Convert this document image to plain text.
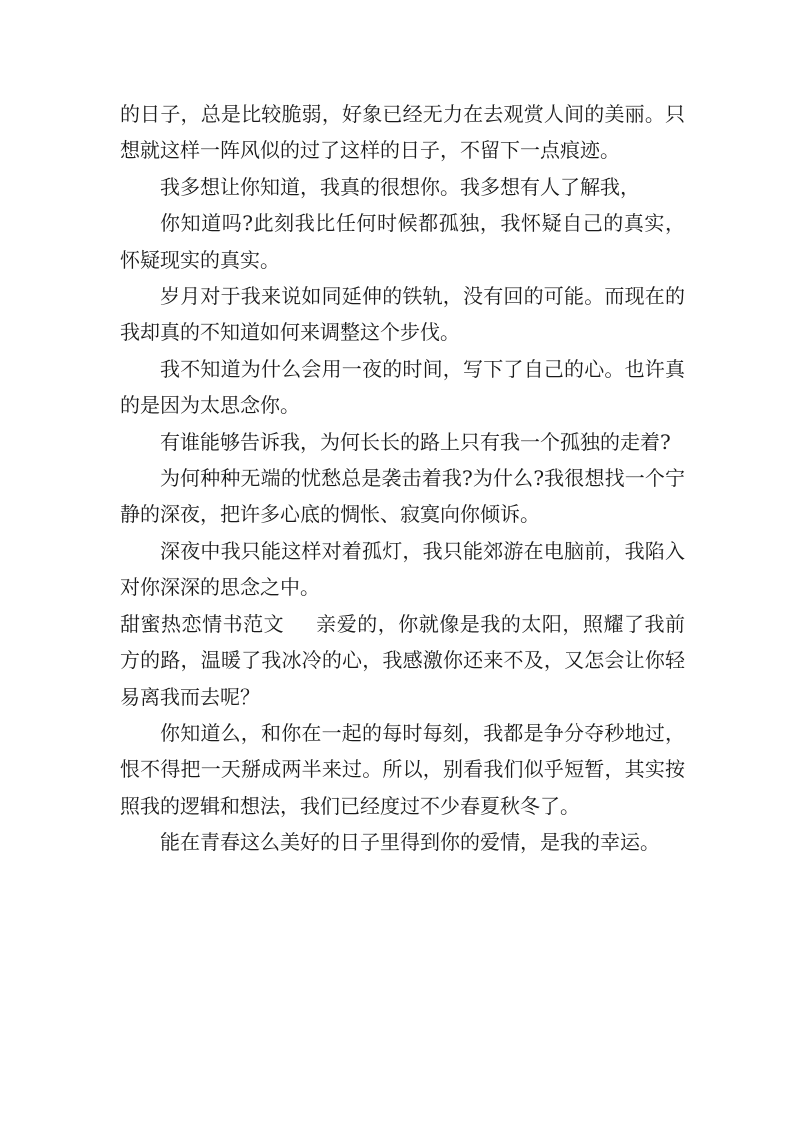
的日子，总是比较脆弱，好象已经无力在去观赏人间的美丽。只想就这样一阵风似的过了这样的日子，不留下一点痕迹。

我多想让你知道，我真的很想你。我多想有人了解我，

你知道吗?此刻我比任何时候都孤独，我怀疑自己的真实，怀疑现实的真实。

岁月对于我来说如同延伸的铁轨，没有回的可能。而现在的我却真的不知道如何来调整这个步伐。

我不知道为什么会用一夜的时间，写下了自己的心。也许真的是因为太思念你。

有谁能够告诉我，为何长长的路上只有我一个孤独的走着?

为何种种无端的忧愁总是袭击着我?为什么?我很想找一个宁静的深夜，把许多心底的惆怅、寂寞向你倾诉。

深夜中我只能这样对着孤灯，我只能郊游在电脑前，我陷入对你深深的思念之中。

甜蜜热恋情书范文 亲爱的，你就像是我的太阳，照耀了我前方的路，温暖了我冰冷的心，我感激你还来不及，又怎会让你轻易离我而去呢？

你知道么，和你在一起的每时每刻，我都是争分夺秒地过，恨不得把一天掰成两半来过。所以，别看我们似乎短暂，其实按照我的逻辑和想法，我们已经度过不少春夏秋冬了。

能在青春这么美好的日子里得到你的爱情，是我的幸运。
